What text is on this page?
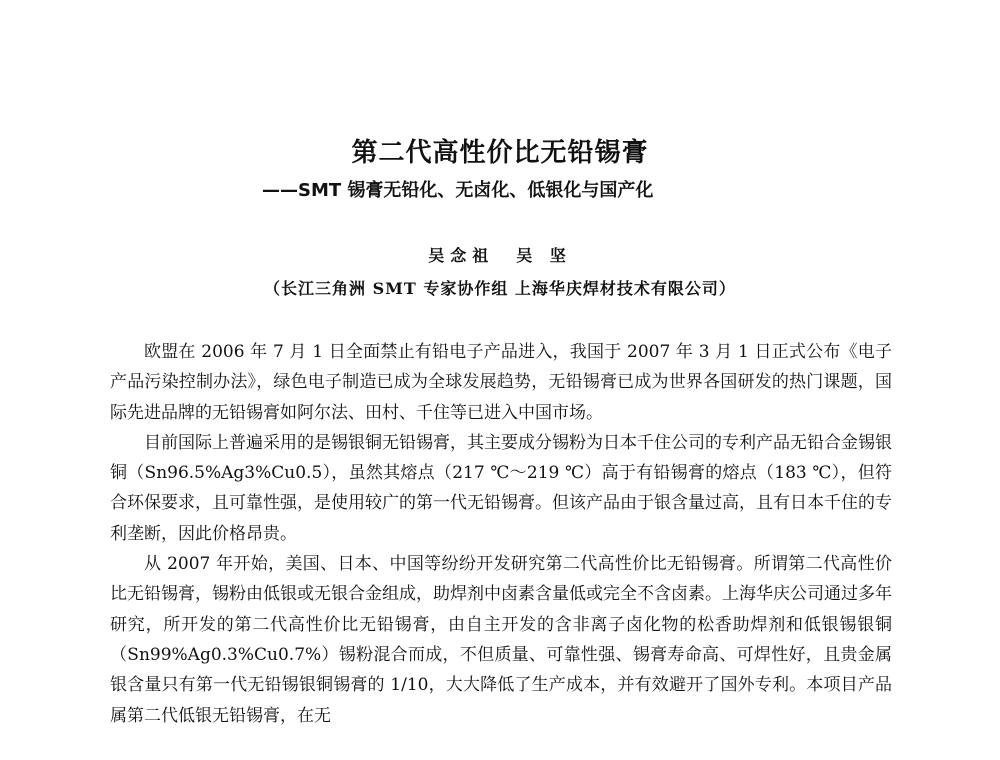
第二代高性价比无铅锡膏
——SMT 锡膏无铅化、无卤化、低银化与国产化
吴念祖　吴 坚
（长江三角洲 SMT 专家协作组 上海华庆焊材技术有限公司）

欧盟在 2006 年 7 月 1 日全面禁止有铅电子产品进入，我国于 2007 年 3 月 1 日正式公布《电子产品污染控制办法》，绿色电子制造已成为全球发展趋势，无铅锡膏已成为世界各国研发的热门课题，国际先进品牌的无铅锡膏如阿尔法、田村、千住等已进入中国市场。

目前国际上普遍采用的是锡银铜无铅锡膏，其主要成分锡粉为日本千住公司的专利产品无铅合金锡银铜（Sn96.5%Ag3%Cu0.5），虽然其熔点（217 ℃～219 ℃）高于有铅锡膏的熔点（183 ℃），但符合环保要求，且可靠性强，是使用较广的第一代无铅锡膏。但该产品由于银含量过高，且有日本千住的专利垄断，因此价格昂贵。

从 2007 年开始，美国、日本、中国等纷纷开发研究第二代高性价比无铅锡膏。所谓第二代高性价比无铅锡膏，锡粉由低银或无银合金组成，助焊剂中卤素含量低或完全不含卤素。上海华庆公司通过多年研究，所开发的第二代高性价比无铅锡膏，由自主开发的含非离子卤化物的松香助焊剂和低银锡银铜（Sn99%Ag0.3%Cu0.7%）锡粉混合而成，不但质量、可靠性强、锡膏寿命高、可焊性好，且贵金属银含量只有第一代无铅锡银铜锡膏的 1/10，大大降低了生产成本，并有效避开了国外专利。本项目产品属第二代低银无铅锡膏，在无
